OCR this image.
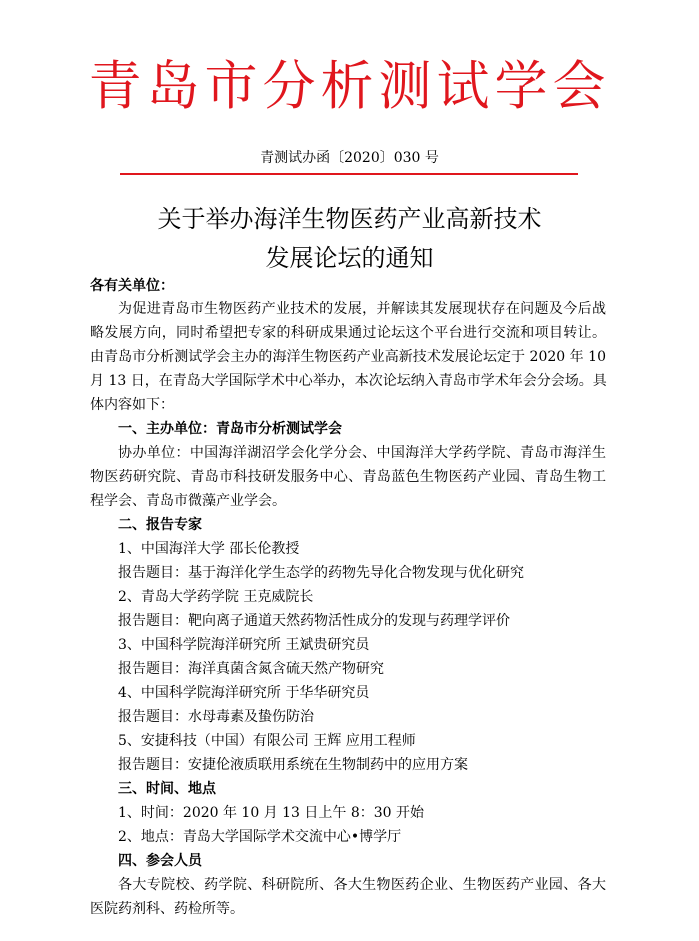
青岛市分析测试学会
青测试办函〔2020〕030 号
关于举办海洋生物医药产业高新技术
发展论坛的通知
各有关单位：
为促进青岛市生物医药产业技术的发展，并解读其发展现状存在问题及今后战
略发展方向，同时希望把专家的科研成果通过论坛这个平台进行交流和项目转让。
由青岛市分析测试学会主办的海洋生物医药产业高新技术发展论坛定于 2020 年 10
月 13 日，在青岛大学国际学术中心举办，本次论坛纳入青岛市学术年会分会场。具
体内容如下：
一、主办单位：青岛市分析测试学会
协办单位：中国海洋湖沼学会化学分会、中国海洋大学药学院、青岛市海洋生
物医药研究院、青岛市科技研发服务中心、青岛蓝色生物医药产业园、青岛生物工
程学会、青岛市微藻产业学会。
二、报告专家
1、中国海洋大学 邵长伦教授
报告题目：基于海洋化学生态学的药物先导化合物发现与优化研究
2、青岛大学药学院 王克威院长
报告题目：靶向离子通道天然药物活性成分的发现与药理学评价
3、中国科学院海洋研究所 王斌贵研究员
报告题目：海洋真菌含氮含硫天然产物研究
4、中国科学院海洋研究所 于华华研究员
报告题目：水母毒素及蛰伤防治
5、安捷科技（中国）有限公司 王辉 应用工程师
报告题目：安捷伦液质联用系统在生物制药中的应用方案
三、时间、地点
1、时间：2020 年 10 月 13 日上午 8：30 开始
2、地点：青岛大学国际学术交流中心•博学厅
四、参会人员
各大专院校、药学院、科研院所、各大生物医药企业、生物医药产业园、各大
医院药剂科、药检所等。
